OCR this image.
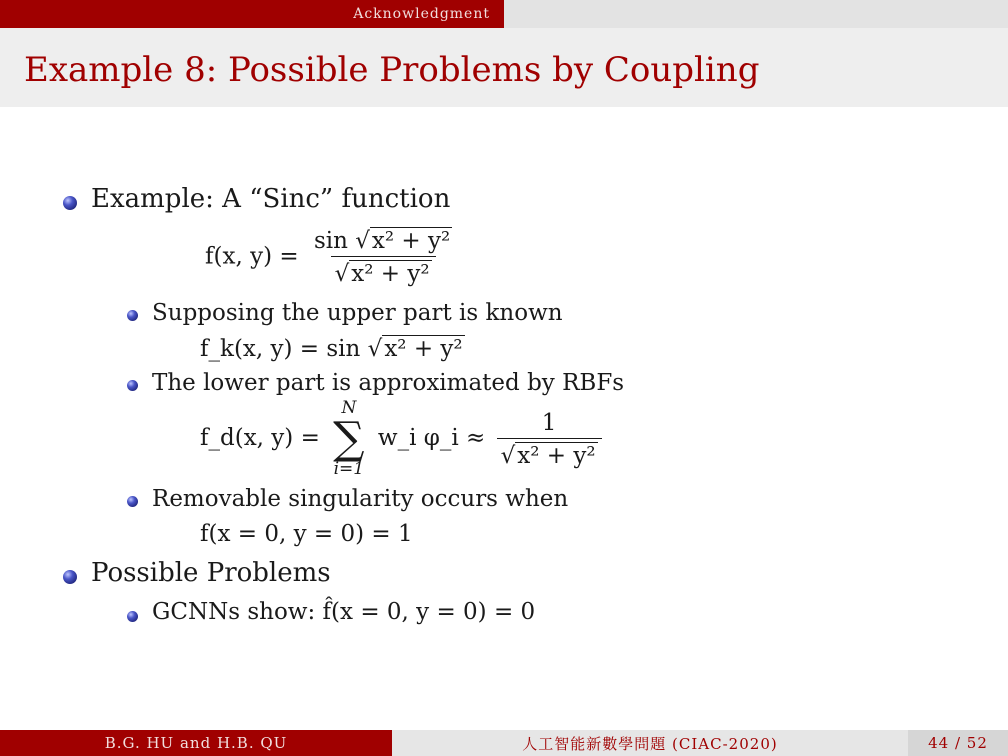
Acknowledgment
Example 8: Possible Problems by Coupling
Example: A “Sinc” function
f(x, $y) = \frac{\text{sin √x² + y²}}{\text{√x² + y²}}$
Supposing the upper part is known
f_k(x, y) = sin √x² + y²
The lower part is approximated by RBFs
f_d(x, y) =
N
∑
i=1
w_i φ_i ≈ $\frac{1}{\text{√x² + y²}}$
Removable singularity occurs when
f(x = 0, y = 0) = 1
Possible Problems
GCNNs show: f̂(x = 0, y = 0) = 0
B.G. HU and H.B. QU	人工智能新數學問題 (CIAC-2020)	44 / 52
